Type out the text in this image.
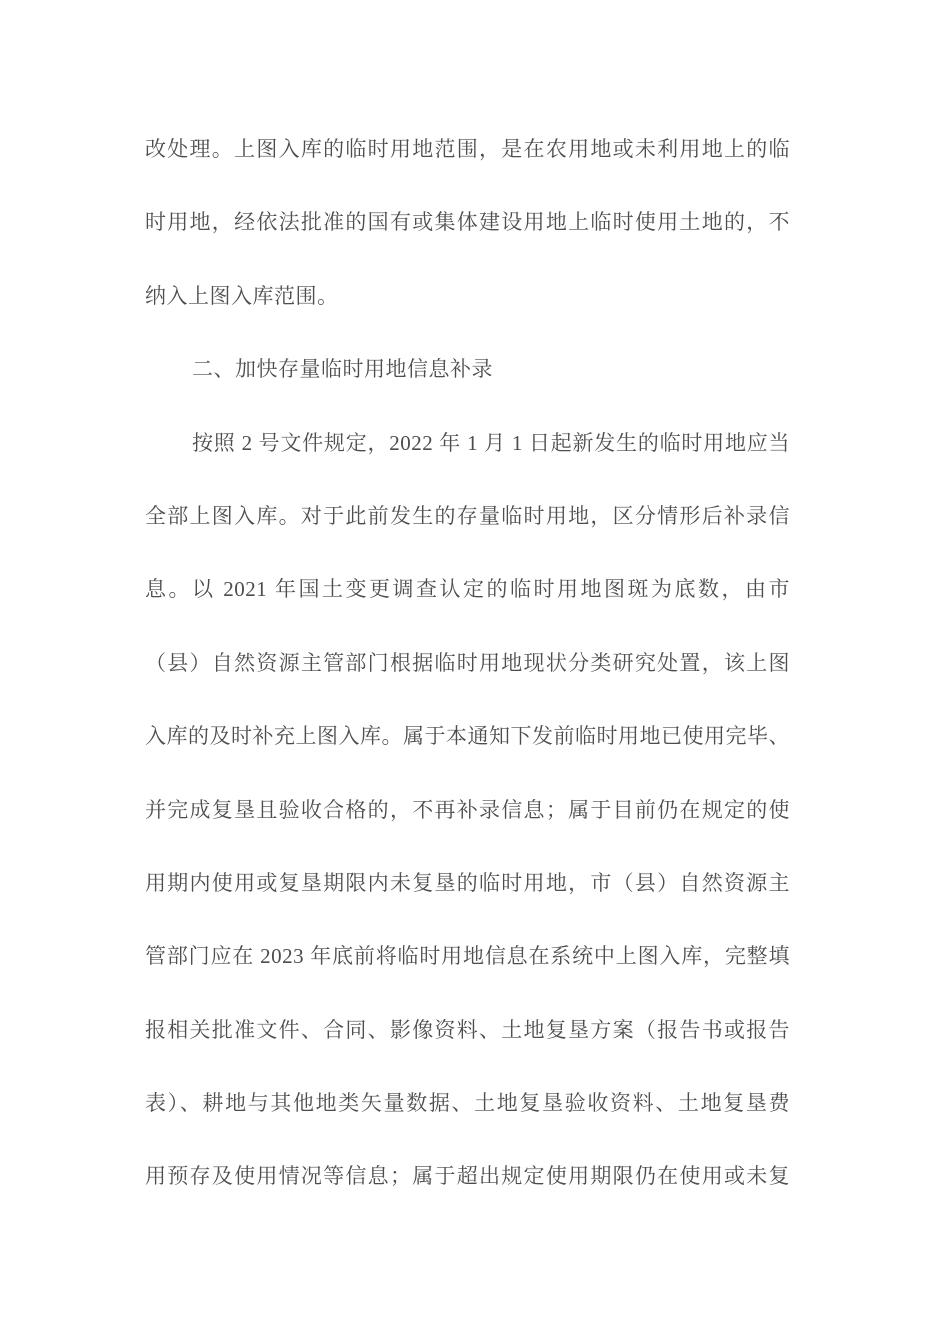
改处理。上图入库的临时用地范围，是在农用地或未利用地上的临
时用地，经依法批准的国有或集体建设用地上临时使用土地的，不
纳入上图入库范围。
二、加快存量临时用地信息补录
按照 2 号文件规定，2022 年 1 月 1 日起新发生的临时用地应当
全部上图入库。对于此前发生的存量临时用地，区分情形后补录信
息。以 2021 年国土变更调查认定的临时用地图斑为底数，由市
（县）自然资源主管部门根据临时用地现状分类研究处置，该上图
入库的及时补充上图入库。属于本通知下发前临时用地已使用完毕、
并完成复垦且验收合格的，不再补录信息；属于目前仍在规定的使
用期内使用或复垦期限内未复垦的临时用地，市（县）自然资源主
管部门应在 2023 年底前将临时用地信息在系统中上图入库，完整填
报相关批准文件、合同、影像资料、土地复垦方案（报告书或报告
表）、耕地与其他地类矢量数据、土地复垦验收资料、土地复垦费
用预存及使用情况等信息；属于超出规定使用期限仍在使用或未复
